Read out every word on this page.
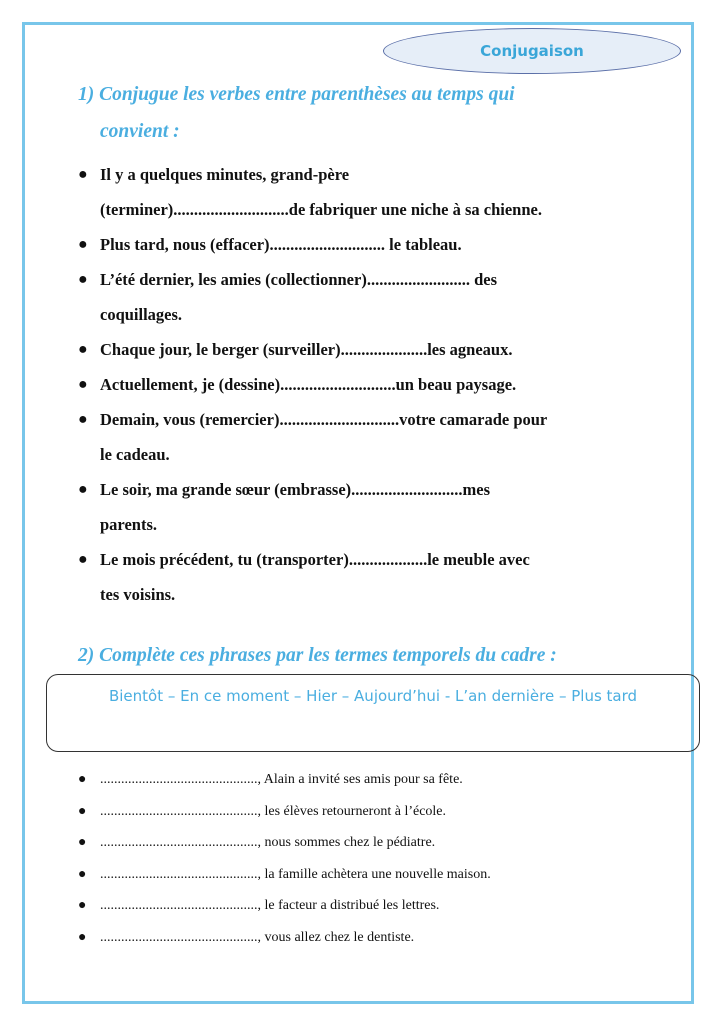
Conjugaison
1) Conjugue les verbes entre parenthèses au temps qui
convient :
● Il y a quelques minutes, grand-père
(terminer)............................de fabriquer une niche à sa chienne.
● Plus tard, nous (effacer)............................ le tableau.
● L’été dernier, les amies (collectionner)......................... des
coquillages.
● Chaque jour, le berger (surveiller).....................les agneaux.
● Actuellement, je (dessine)............................un beau paysage.
● Demain, vous (remercier).............................votre camarade pour
le cadeau.
● Le soir, ma grande sœur (embrasse)...........................mes
parents.
● Le mois précédent, tu (transporter)...................le meuble avec
tes voisins.
2) Complète ces phrases par les termes temporels du cadre :
Bientôt – En ce moment – Hier – Aujourd’hui - L’an dernière – Plus tard
● ............................................., Alain a invité ses amis pour sa fête.
● ............................................., les élèves retourneront à l’école.
● ............................................., nous sommes chez le pédiatre.
● ............................................., la famille achètera une nouvelle maison.
● ............................................., le facteur a distribué les lettres.
● ............................................., vous allez chez le dentiste.
